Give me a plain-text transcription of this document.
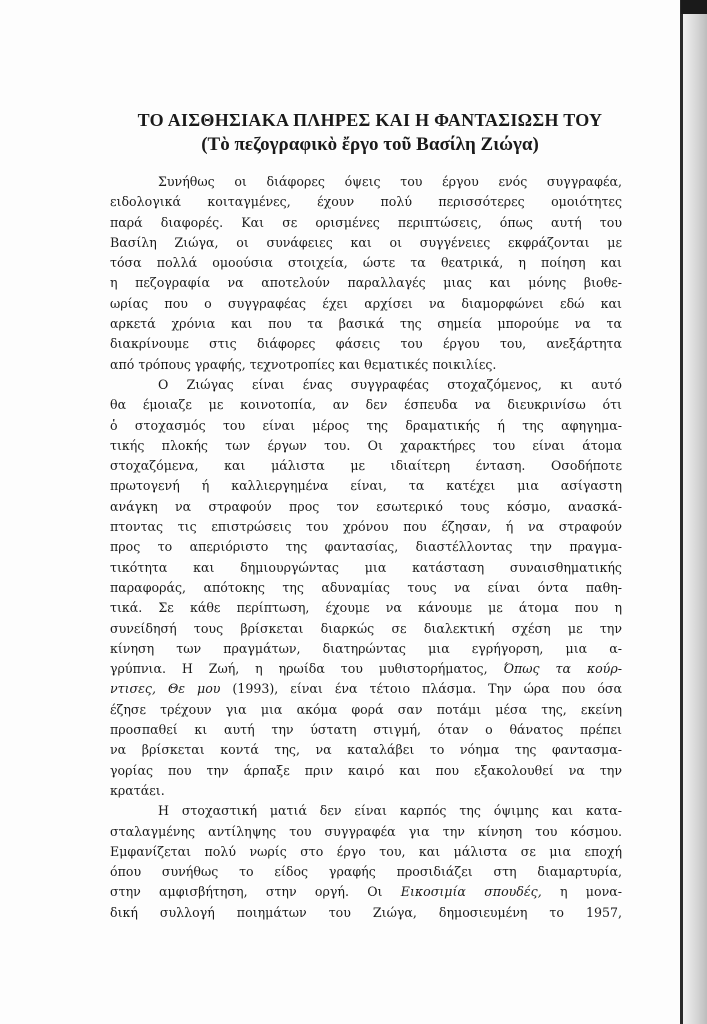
ΤΟ ΑΙΣΘΗΣΙΑΚΑ ΠΛΗΡΕΣ ΚΑΙ Η ΦΑΝΤΑΣΙΩΣΗ ΤΟΥ
(Τὸ πεζογραφικὸ ἔργο τοῦ Βασίλη Ζιώγα)
Συνήθως οι διάφορες όψεις του έργου ενός συγγραφέα,
ειδολογικά κοιταγμένες, έχουν πολύ περισσότερες ομοιότητες
παρά διαφορές. Και σε ορισμένες περιπτώσεις, όπως αυτή του
Βασίλη Ζιώγα, οι συνάφειες και οι συγγένειες εκφράζονται με
τόσα πολλά ομοούσια στοιχεία, ώστε τα θεατρικά, η ποίηση και
η πεζογραφία να αποτελούν παραλλαγές μιας και μόνης βιοθε-
ωρίας που ο συγγραφέας έχει αρχίσει να διαμορφώνει εδώ και
αρκετά χρόνια και που τα βασικά της σημεία μπορούμε να τα
διακρίνουμε στις διάφορες φάσεις του έργου του, ανεξάρτητα
από τρόπους γραφής, τεχνοτροπίες και θεματικές ποικιλίες.
Ο Ζιώγας είναι ένας συγγραφέας στοχαζόμενος, κι αυτό
θα έμοιαζε με κοινοτοπία, αν δεν έσπευδα να διευκρινίσω ότι
ὁ στοχασμός του είναι μέρος της δραματικής ή της αφηγημα-
τικής πλοκής των έργων του. Οι χαρακτήρες του είναι άτομα
στοχαζόμενα, και μάλιστα με ιδιαίτερη ένταση. Οσοδήποτε
πρωτογενή ή καλλιεργημένα είναι, τα κατέχει μια ασίγαστη
ανάγκη να στραφούν προς τον εσωτερικό τους κόσμο, ανασκά-
πτοντας τις επιστρώσεις του χρόνου που έζησαν, ή να στραφούν
προς το απεριόριστο της φαντασίας, διαστέλλοντας την πραγμα-
τικότητα και δημιουργώντας μια κατάσταση συναισθηματικής
παραφοράς, απότοκης της αδυναμίας τους να είναι όντα παθη-
τικά. Σε κάθε περίπτωση, έχουμε να κάνουμε με άτομα που η
συνείδησή τους βρίσκεται διαρκώς σε διαλεκτική σχέση με την
κίνηση των πραγμάτων, διατηρώντας μια εγρήγορση, μια α-
γρύπνια. Η Ζωή, η ηρωίδα του μυθιστορήματος, Όπως τα κούρ-
ντισες, Θε μου (1993), είναι ένα τέτοιο πλάσμα. Την ώρα που όσα
έζησε τρέχουν για μια ακόμα φορά σαν ποτάμι μέσα της, εκείνη
προσπαθεί κι αυτή την ύστατη στιγμή, όταν ο θάνατος πρέπει
να βρίσκεται κοντά της, να καταλάβει το νόημα της φαντασμα-
γορίας που την άρπαξε πριν καιρό και που εξακολουθεί να την
κρατάει.
Η στοχαστική ματιά δεν είναι καρπός της όψιμης και κατα-
σταλαγμένης αντίληψης του συγγραφέα για την κίνηση του κόσμου.
Εμφανίζεται πολύ νωρίς στο έργο του, και μάλιστα σε μια εποχή
όπου συνήθως το είδος γραφής προσιδιάζει στη διαμαρτυρία,
στην αμφισβήτηση, στην οργή. Οι Εικοσιμία σπουδές, η μονα-
δική συλλογή ποιημάτων του Ζιώγα, δημοσιευμένη το 1957,
